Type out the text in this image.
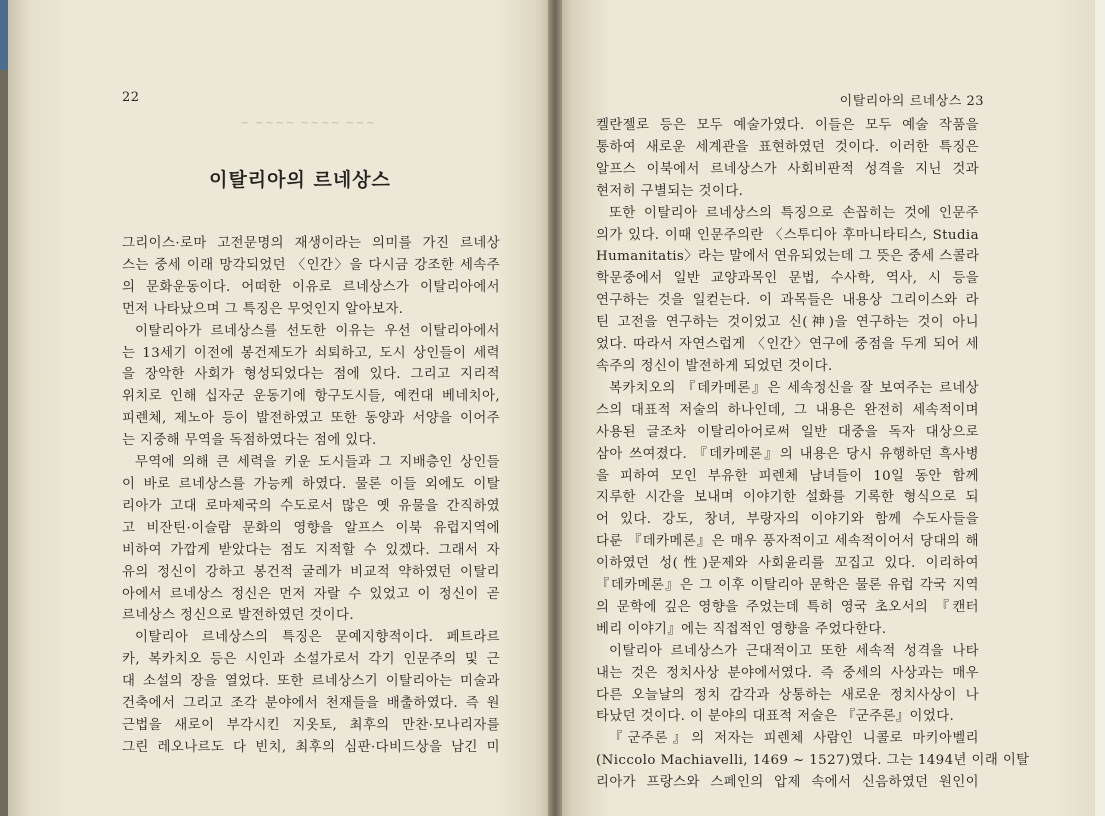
~ ~~~~ ~~~~ ~~~
22	이탈리아의 르네상스 23
이탈리아의 르네상스
그리이스·로마 고전문명의 재생이라는 의미를 가진 르네상
스는 중세 이래 망각되었던 〈인간〉을 다시금 강조한 세속주
의 문화운동이다. 어떠한 이유로 르네상스가 이탈리아에서
먼저 나타났으며 그 특징은 무엇인지 알아보자.
이탈리아가 르네상스를 선도한 이유는 우선 이탈리아에서
는 13세기 이전에 봉건제도가 쇠퇴하고, 도시 상인들이 세력
을 장악한 사회가 형성되었다는 점에 있다. 그리고 지리적
위치로 인해 십자군 운동기에 항구도시들, 예컨대 베네치아,
피렌체, 제노아 등이 발전하였고 또한 동양과 서양을 이어주
는 지중해 무역을 독점하였다는 점에 있다.
무역에 의해 큰 세력을 키운 도시들과 그 지배층인 상인들
이 바로 르네상스를 가능케 하였다. 물론 이들 외에도 이탈
리아가 고대 로마제국의 수도로서 많은 옛 유물을 간직하였
고 비잔틴·이슬람 문화의 영향을 알프스 이북 유럽지역에
비하여 가깝게 받았다는 점도 지적할 수 있겠다. 그래서 자
유의 정신이 강하고 봉건적 굴레가 비교적 약하였던 이탈리
아에서 르네상스 정신은 먼저 자랄 수 있었고 이 정신이 곧
르네상스 정신으로 발전하였던 것이다.
이탈리아 르네상스의 특징은 문예지향적이다. 페트라르
카, 복카치오 등은 시인과 소설가로서 각기 인문주의 및 근
대 소설의 장을 열었다. 또한 르네상스기 이탈리아는 미술과
건축에서 그리고 조각 분야에서 천재들을 배출하였다. 즉 원
근법을 새로이 부각시킨 지옷토, 최후의 만찬·모나리자를
그린 레오나르도 다 빈치, 최후의 심판·다비드상을 남긴 미
켈란젤로 등은 모두 예술가였다. 이들은 모두 예술 작품을
통하여 새로운 세계관을 표현하였던 것이다. 이러한 특징은
알프스 이북에서 르네상스가 사회비판적 성격을 지닌 것과
현저히 구별되는 것이다.
또한 이탈리아 르네상스의 특징으로 손꼽히는 것에 인문주
의가 있다. 이때 인문주의란 〈스투디아 후마니타티스, Studia
Humanitatis〉라는 말에서 연유되었는데 그 뜻은 중세 스콜라
학문중에서 일반 교양과목인 문법, 수사학, 역사, 시 등을
연구하는 것을 일컫는다. 이 과목들은 내용상 그리이스와 라
틴 고전을 연구하는 것이었고 신(神)을 연구하는 것이 아니
었다. 따라서 자연스럽게 〈인간〉연구에 중점을 두게 되어 세
속주의 정신이 발전하게 되었던 것이다.
복카치오의 『데카메론』은 세속정신을 잘 보여주는 르네상
스의 대표적 저술의 하나인데, 그 내용은 완전히 세속적이며
사용된 글조차 이탈리아어로써 일반 대중을 독자 대상으로
삼아 쓰여졌다. 『데카메론』의 내용은 당시 유행하던 흑사병
을 피하여 모인 부유한 피렌체 남녀들이 10일 동안 함께
지루한 시간을 보내며 이야기한 설화를 기록한 형식으로 되
어 있다. 강도, 창녀, 부랑자의 이야기와 함께 수도사들을
다룬 『데카메론』은 매우 풍자적이고 세속적이어서 당대의 해
이하였던 성(性)문제와 사회윤리를 꼬집고 있다. 이리하여
『데카메론』은 그 이후 이탈리아 문학은 물론 유럽 각국 지역
의 문학에 깊은 영향을 주었는데 특히 영국 초오서의 『캔터
베리 이야기』에는 직접적인 영향을 주었다한다.
이탈리아 르네상스가 근대적이고 또한 세속적 성격을 나타
내는 것은 정치사상 분야에서였다. 즉 중세의 사상과는 매우
다른 오늘날의 정치 감각과 상통하는 새로운 정치사상이 나
타났던 것이다. 이 분야의 대표적 저술은 『군주론』이었다.
『군주론』의 저자는 피렌체 사람인 니콜로 마키아벨리
(Niccolo Machiavelli, 1469 ~ 1527)였다. 그는 1494년 이래 이탈
리아가 프랑스와 스페인의 압제 속에서 신음하였던 원인이
